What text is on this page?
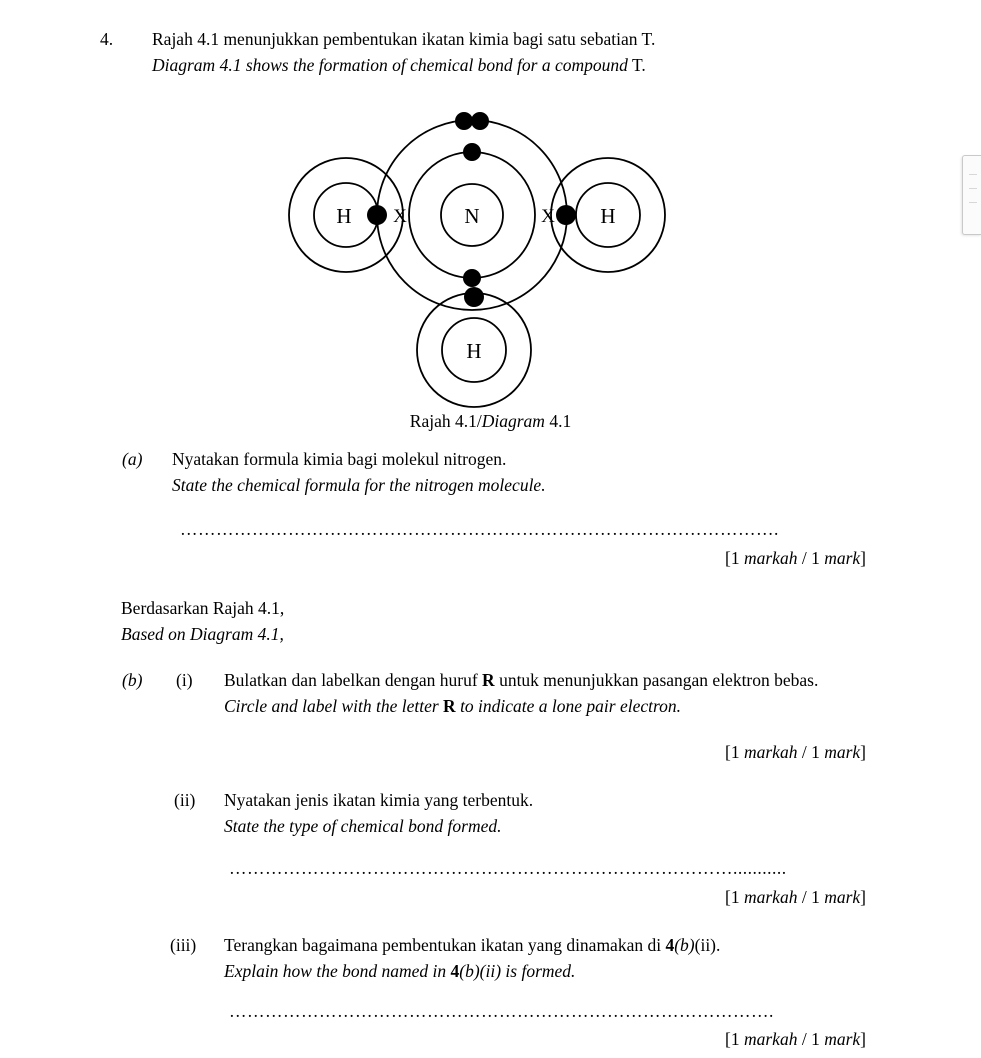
4. Rajah 4.1 menunjukkan pembentukan ikatan kimia bagi satu sebatian T.
Diagram 4.1 shows the formation of chemical bond for a compound T.
X	X
X
N
H	H
H
Rajah 4.1/Diagram 4.1
(a) Nyatakan formula kimia bagi molekul nitrogen.
State the chemical formula for the nitrogen molecule.
……………………………………………………………………………………….
[1 markah / 1 mark]
Berdasarkan Rajah 4.1,
Based on Diagram 4.1,
(b) (i) Bulatkan dan labelkan dengan huruf R untuk menunjukkan pasangan elektron bebas.
Circle and label with the letter R to indicate a lone pair electron.
[1 markah / 1 mark]
(ii) Nyatakan jenis ikatan kimia yang terbentuk.
State the type of chemical bond formed.
…………………………………………………………………………...........
[1 markah / 1 mark]
(iii) Terangkan bagaimana pembentukan ikatan yang dinamakan di 4(b)(ii).
Explain how the bond named in 4(b)(ii) is formed.
……………………………………………………………………………….
[1 markah / 1 mark]
